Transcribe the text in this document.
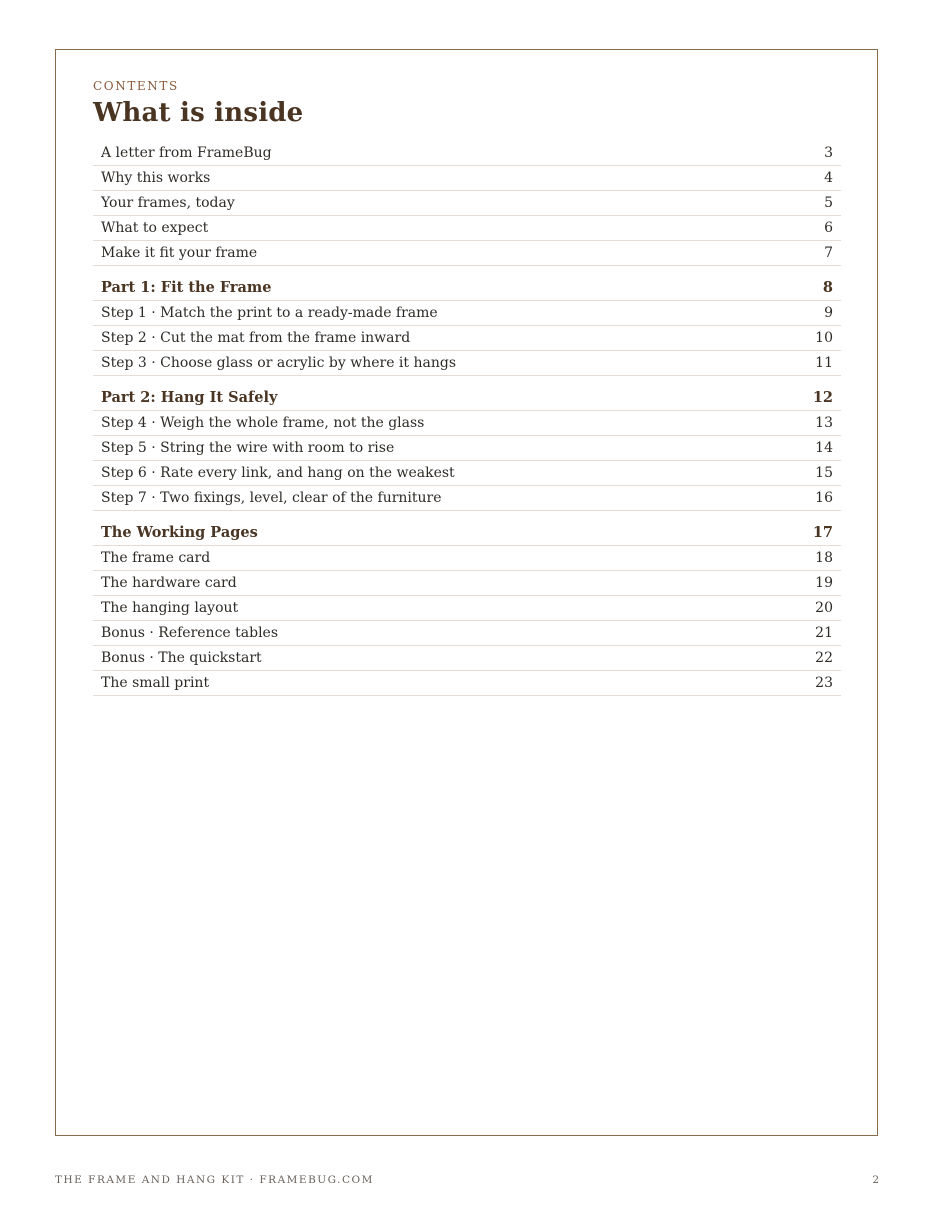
CONTENTS
What is inside
A letter from FrameBug	3
Why this works	4
Your frames, today	5
What to expect	6
Make it fit your frame	7
Part 1: Fit the Frame	8
Step 1 · Match the print to a ready-made frame	9
Step 2 · Cut the mat from the frame inward	10
Step 3 · Choose glass or acrylic by where it hangs	11
Part 2: Hang It Safely	12
Step 4 · Weigh the whole frame, not the glass	13
Step 5 · String the wire with room to rise	14
Step 6 · Rate every link, and hang on the weakest	15
Step 7 · Two fixings, level, clear of the furniture	16
The Working Pages	17
The frame card	18
The hardware card	19
The hanging layout	20
Bonus · Reference tables	21
Bonus · The quickstart	22
The small print	23
THE FRAME AND HANG KIT · FRAMEBUG.COM	2
